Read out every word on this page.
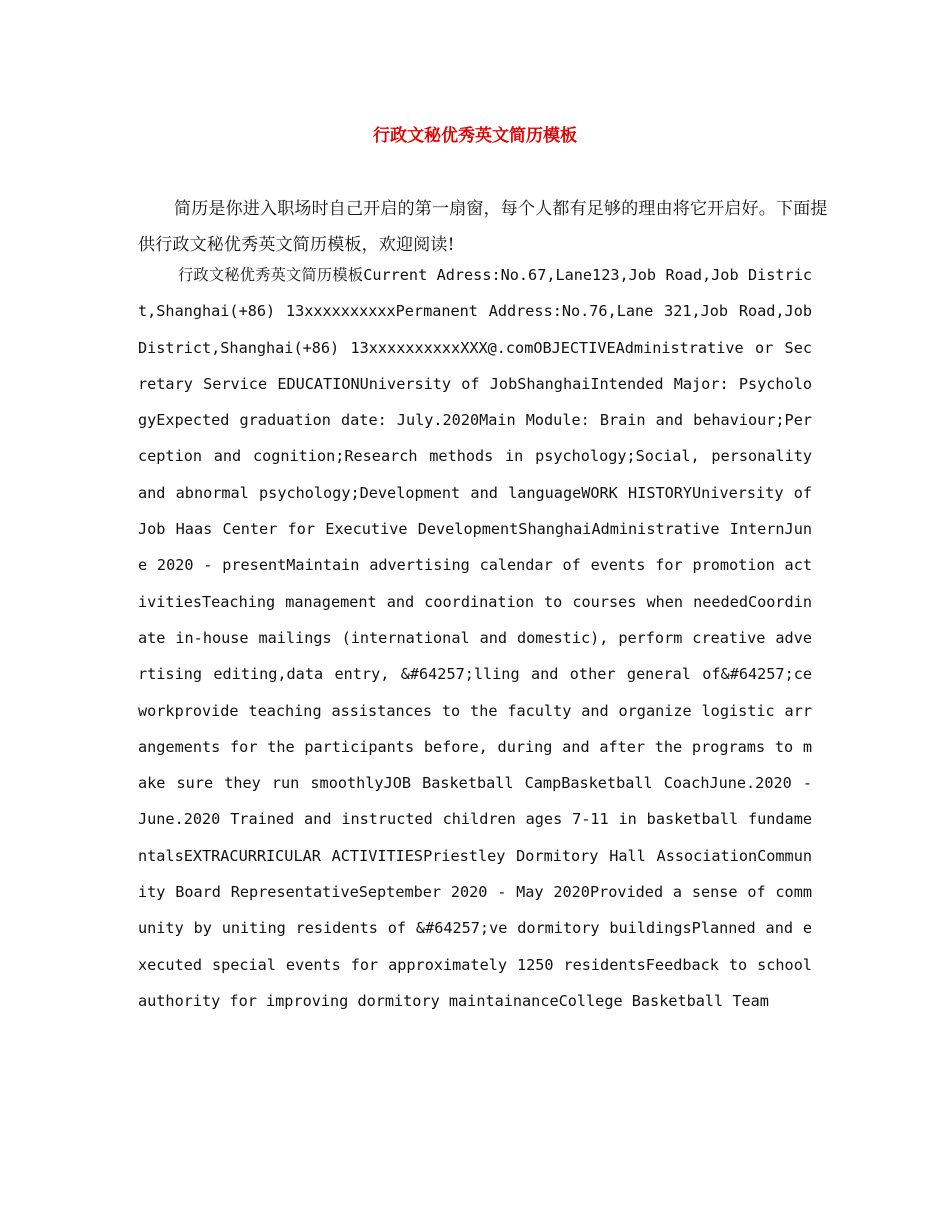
行政文秘优秀英文简历模板

简历是你进入职场时自己开启的第一扇窗，每个人都有足够的理由将它开启好。下面提供行政文秘优秀英文简历模板，欢迎阅读!

行政文秘优秀英文简历模板Current Adress:No.67,Lane123,Job Road,Job District,Shanghai(+86) 13xxxxxxxxxxPermanent Address:No.76,Lane 321,Job Road,Job District,Shanghai(+86) 13xxxxxxxxxxXXX@.comOBJECTIVEAdministrative or Secretary Service EDUCATIONUniversity of JobShanghaiIntended Major: PsychologyExpected graduation date: July.2020Main Module: Brain and behaviour;Perception and cognition;Research methods in psychology;Social, personality and abnormal psychology;Development and languageWORK HISTORYUniversity of Job Haas Center for Executive DevelopmentShanghaiAdministrative InternJune 2020 - presentMaintain advertising calendar of events for promotion activitiesTeaching management and coordination to courses when neededCoordinate in-house mailings (international and domestic), perform creative advertising editing,data entry, &#64257;lling and other general of&#64257;ce workprovide teaching assistances to the faculty and organize logistic arrangements for the participants before, during and after the programs to make sure they run smoothlyJOB Basketball CampBasketball CoachJune.2020 - June.2020 Trained and instructed children ages 7-11 in basketball fundamentalsEXTRACURRICULAR ACTIVITIESPriestley Dormitory Hall AssociationCommunity Board RepresentativeSeptember 2020 - May 2020Provided a sense of community by uniting residents of &#64257;ve dormitory buildingsPlanned and executed special events for approximately 1250 residentsFeedback to school authority for improving dormitory maintainanceCollege Basketball Team
